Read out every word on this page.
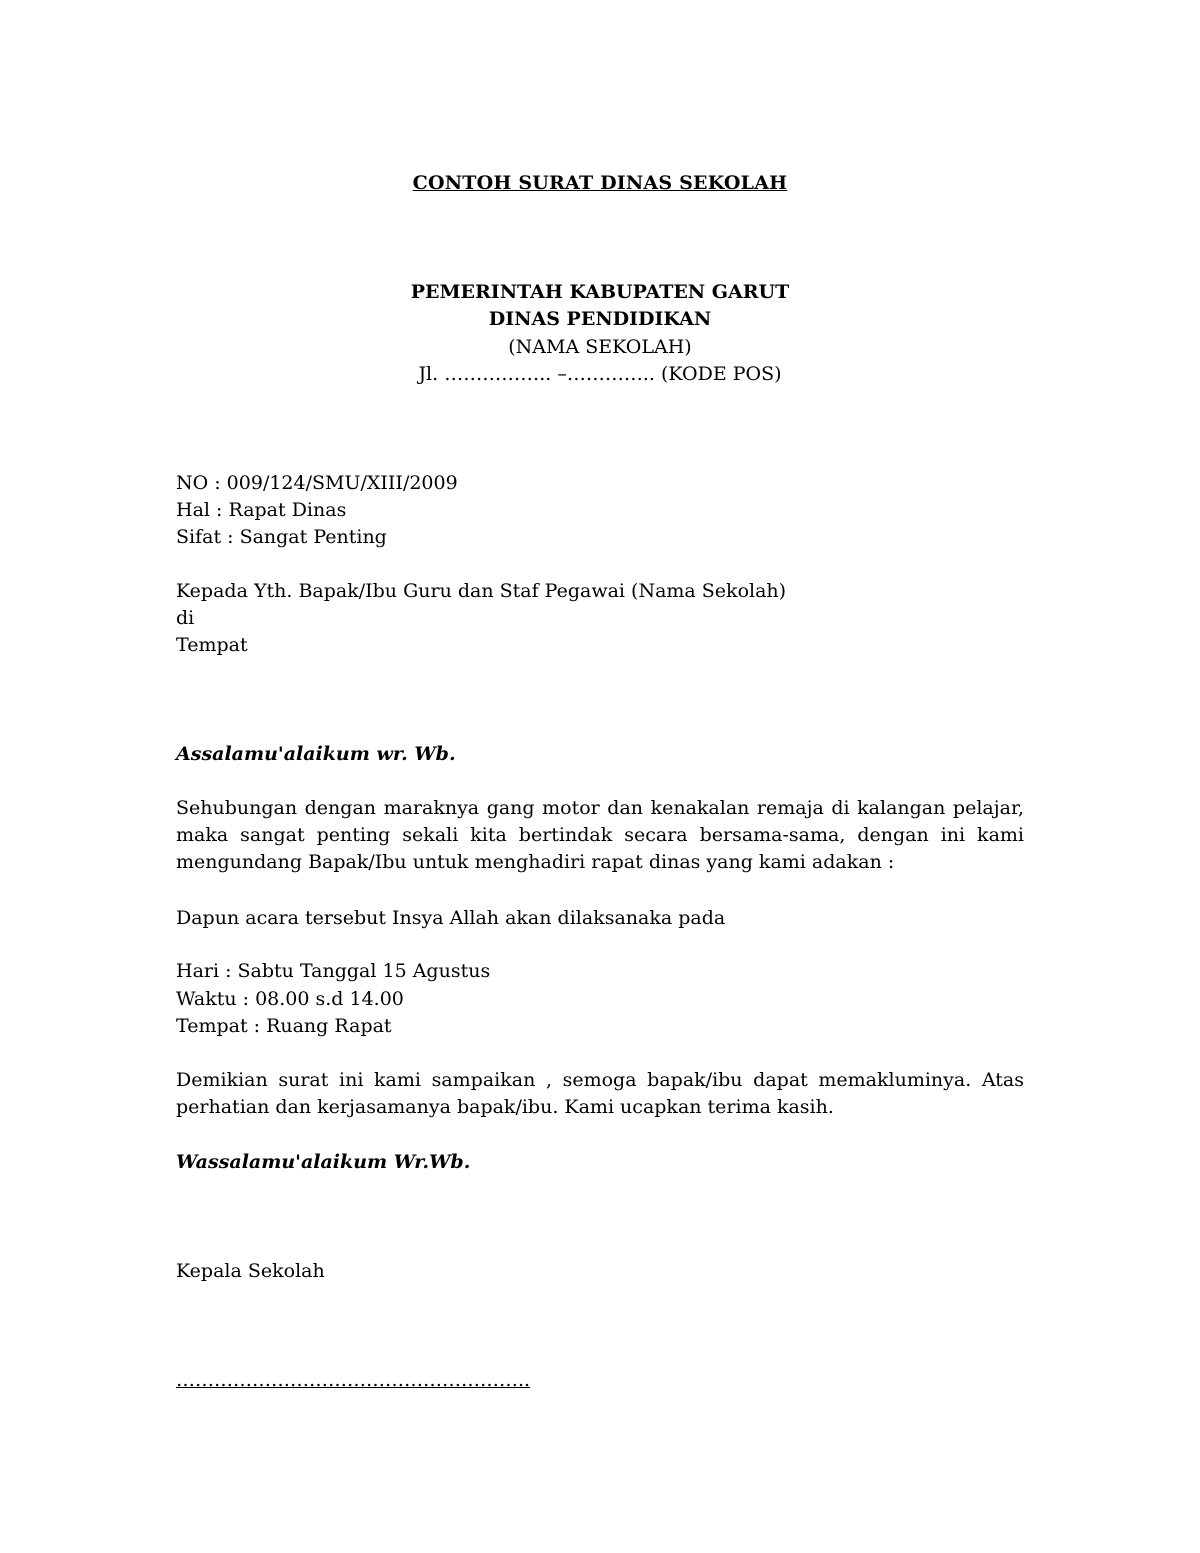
CONTOH SURAT DINAS SEKOLAH
PEMERINTAH KABUPATEN GARUT
DINAS PENDIDIKAN
(NAMA SEKOLAH)
Jl. …………….. –………….. (KODE POS)
NO : 009/124/SMU/XIII/2009
Hal : Rapat Dinas
Sifat : Sangat Penting
Kepada Yth. Bapak/Ibu Guru dan Staf Pegawai (Nama Sekolah)
di
Tempat
Assalamu'alaikum wr. Wb.
Sehubungan dengan maraknya gang motor dan kenakalan remaja di kalangan pelajar, maka sangat penting sekali kita bertindak secara bersama-sama, dengan ini kami mengundang Bapak/Ibu untuk menghadiri rapat dinas yang kami adakan :
Dapun acara tersebut Insya Allah akan dilaksanaka pada
Hari : Sabtu Tanggal 15 Agustus
Waktu : 08.00 s.d 14.00
Tempat : Ruang Rapat
Demikian surat ini kami sampaikan , semoga bapak/ibu dapat memakluminya. Atas perhatian dan kerjasamanya bapak/ibu. Kami ucapkan terima kasih.
Wassalamu'alaikum Wr.Wb.
Kepala Sekolah
………………………………………………..
